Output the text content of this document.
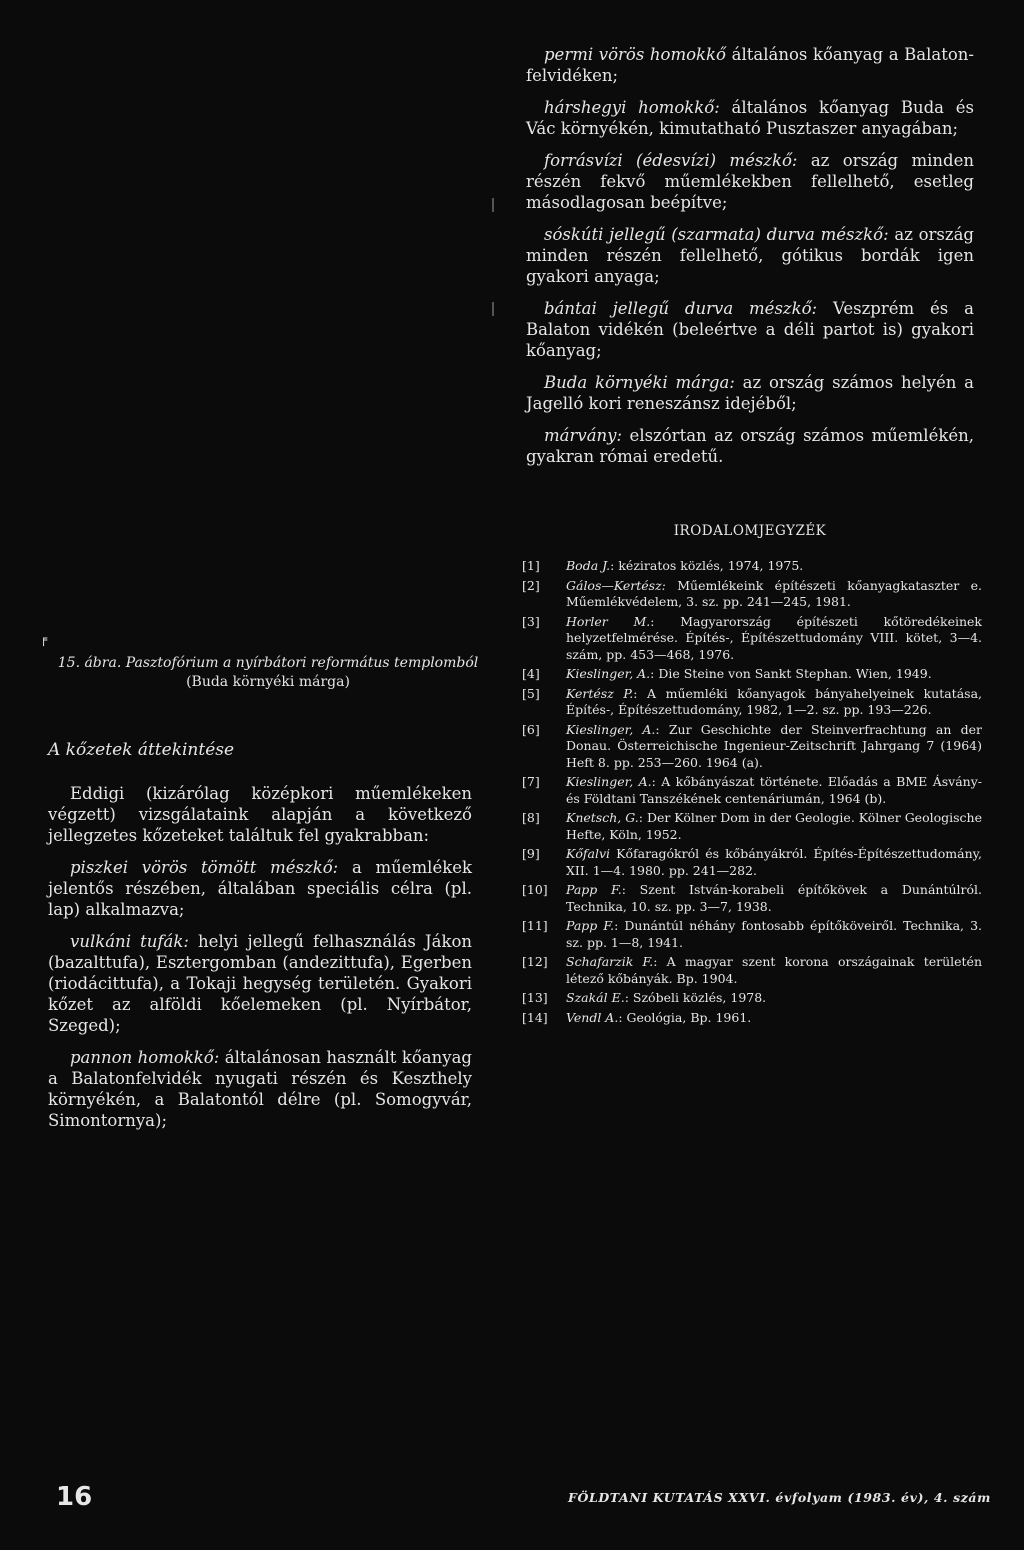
permi vörös homokkő általános kőanyag a Balaton-felvidéken;

hárshegyi homokkő: általános kőanyag Buda és Vác környékén, kimutatható Pusztaszer anyagában;

forrásvízi (édesvízi) mészkő: az ország minden részén fekvő műemlékekben fellelhető, esetleg másodlagosan beépítve;

sóskúti jellegű (szarmata) durva mészkő: az ország minden részén fellelhető, gótikus bordák igen gyakori anyaga;

bántai jellegű durva mészkő: Veszprém és a Balaton vidékén (beleértve a déli partot is) gyakori kőanyag;

Buda környéki márga: az ország számos helyén a Jagelló kori reneszánsz idejéből;

márvány: elszórtan az ország számos műemlékén, gyakran római eredetű.

IRODALOMJEGYZÉK
[1]	Boda J.: kéziratos közlés, 1974, 1975.
[2]	Gálos—Kertész: Műemlékeink építészeti kőanyagkataszter e. Műemlékvédelem, 3. sz. pp. 241—245, 1981.
[3]	Horler M.: Magyarország építészeti kőtöredékeinek helyzetfelmérése. Építés-, Építészettudomány VIII. kötet, 3—4. szám, pp. 453—468, 1976.
[4]	Kieslinger, A.: Die Steine von Sankt Stephan. Wien, 1949.
[5]	Kertész P.: A műemléki kőanyagok bányahelyeinek kutatása, Építés-, Építészettudomány, 1982, 1—2. sz. pp. 193—226.
[6]	Kieslinger, A.: Zur Geschichte der Steinverfrachtung an der Donau. Österreichische Ingenieur-Zeitschrift Jahrgang 7 (1964) Heft 8. pp. 253—260. 1964 (a).
[7]	Kieslinger, A.: A kőbányászat története. Előadás a BME Ásvány- és Földtani Tanszékének centenáriumán, 1964 (b).
[8]	Knetsch, G.: Der Kölner Dom in der Geologie. Kölner Geologische Hefte, Köln, 1952.
[9]	Kőfalvi Kőfaragókról és kőbányákról. Építés-Építészettudomány, XII. 1—4. 1980. pp. 241—282.
[10]	Papp F.: Szent István-korabeli építőkövek a Dunántúlról. Technika, 10. sz. pp. 3—7, 1938.
[11]	Papp F.: Dunántúl néhány fontosabb építőköveiről. Technika, 3. sz. pp. 1—8, 1941.
[12]	Schafarzik F.: A magyar szent korona országainak területén létező kőbányák. Bp. 1904.
[13]	Szakál E.: Szóbeli közlés, 1978.
[14]	Vendl A.: Geológia, Bp. 1961.
╒
15. ábra. Pasztofórium a nyírbátori református templomból (Buda környéki márga)
A kőzetek áttekintése

Eddigi (kizárólag középkori műemlékeken végzett) vizsgálataink alapján a következő jellegzetes kőzeteket találtuk fel gyakrabban:

piszkei vörös tömött mészkő: a műemlékek jelentős részében, általában speciális célra (pl. lap) alkalmazva;

vulkáni tufák: helyi jellegű felhasználás Jákon (bazalttufa), Esztergomban (andezittufa), Egerben (riodácittufa), a Tokaji hegység területén. Gyakori kőzet az alföldi kőelemeken (pl. Nyírbátor, Szeged);

pannon homokkő: általánosan használt kőanyag a Balatonfelvidék nyugati részén és Keszthely környékén, a Balatontól délre (pl. Somogyvár, Simontornya);

16	FÖLDTANI KUTATÁS XXVI. évfolyam (1983. év), 4. szám
